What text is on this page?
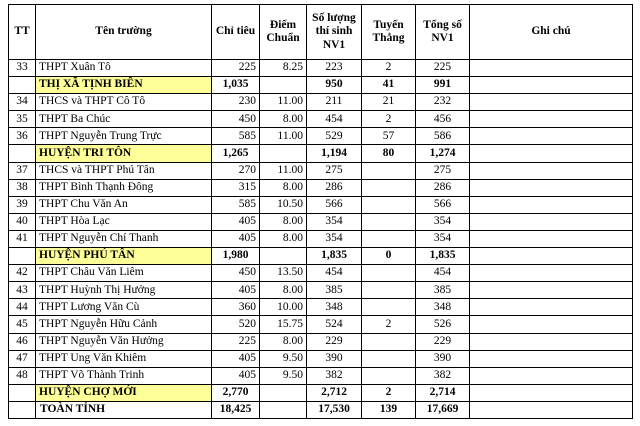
TT	Tên trường	Chỉ tiêu	Điểm Chuẩn	Số lượng thí sinh NV1	Tuyển Thẳng	Tổng số NV1	Ghi chú
33	THPT Xuân Tô	225	8.25	223	2	225	
	THỊ XÃ TỊNH BIÊN	1,035		950	41	991	
34	THCS và THPT Cô Tô	230	11.00	211	21	232	
35	THPT Ba Chúc	450	8.00	454	2	456	
36	THPT Nguyễn Trung Trực	585	11.00	529	57	586	
	HUYỆN TRI TÔN	1,265		1,194	80	1,274	
37	THCS và THPT Phú Tân	270	11.00	275		275	
38	THPT Bình Thạnh Đông	315	8.00	286		286	
39	THPT Chu Văn An	585	10.50	566		566	
40	THPT Hòa Lạc	405	8.00	354		354	
41	THPT Nguyễn Chí Thanh	405	8.00	354		354	
	HUYỆN PHÚ TÂN	1,980		1,835	0	1,835	
42	THPT Châu Văn Liêm	450	13.50	454		454	
43	THPT Huỳnh Thị Hưởng	405	8.00	385		385	
44	THPT Lương Văn Cù	360	10.00	348		348	
45	THPT Nguyễn Hữu Cảnh	520	15.75	524	2	526	
46	THPT Nguyễn Văn Hưởng	225	8.00	229		229	
47	THPT Ung Văn Khiêm	405	9.50	390		390	
48	THPT Võ Thành Trinh	405	9.50	382		382	
	HUYỆN CHỢ MỚI	2,770		2,712	2	2,714	
	TOÀN TỈNH	18,425		17,530	139	17,669	
